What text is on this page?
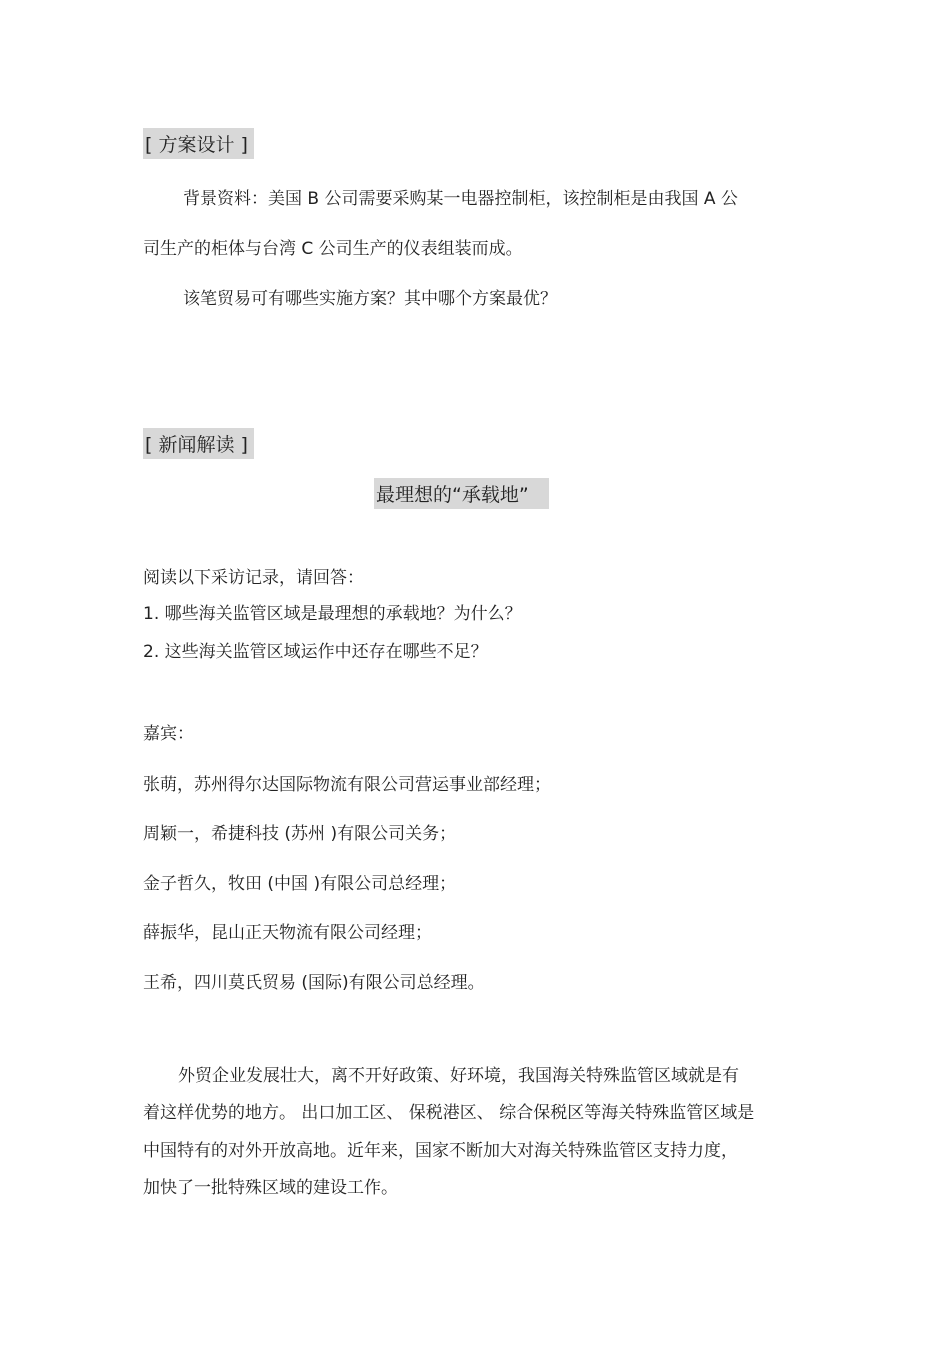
[ 方案设计 ]
背景资料：美国 B 公司需要采购某一电器控制柜，该控制柜是由我国 A 公
司生产的柜体与台湾 C 公司生产的仪表组装而成。
该笔贸易可有哪些实施方案？其中哪个方案最优？
[ 新闻解读 ]
最理想的“承载地”
阅读以下采访记录，请回答：
1. 哪些海关监管区域是最理想的承载地？为什么？
2. 这些海关监管区域运作中还存在哪些不足？
嘉宾：
张萌，苏州得尔达国际物流有限公司营运事业部经理；
周颖一，希捷科技 (苏州 )有限公司关务；
金子哲久，牧田 (中国 )有限公司总经理；
薛振华，昆山正天物流有限公司经理；
王希，四川莫氏贸易 (国际)有限公司总经理。
外贸企业发展壮大，离不开好政策、好环境，我国海关特殊监管区域就是有
着这样优势的地方。 出口加工区、 保税港区、 综合保税区等海关特殊监管区域是
中国特有的对外开放高地。近年来，国家不断加大对海关特殊监管区支持力度，
加快了一批特殊区域的建设工作。
